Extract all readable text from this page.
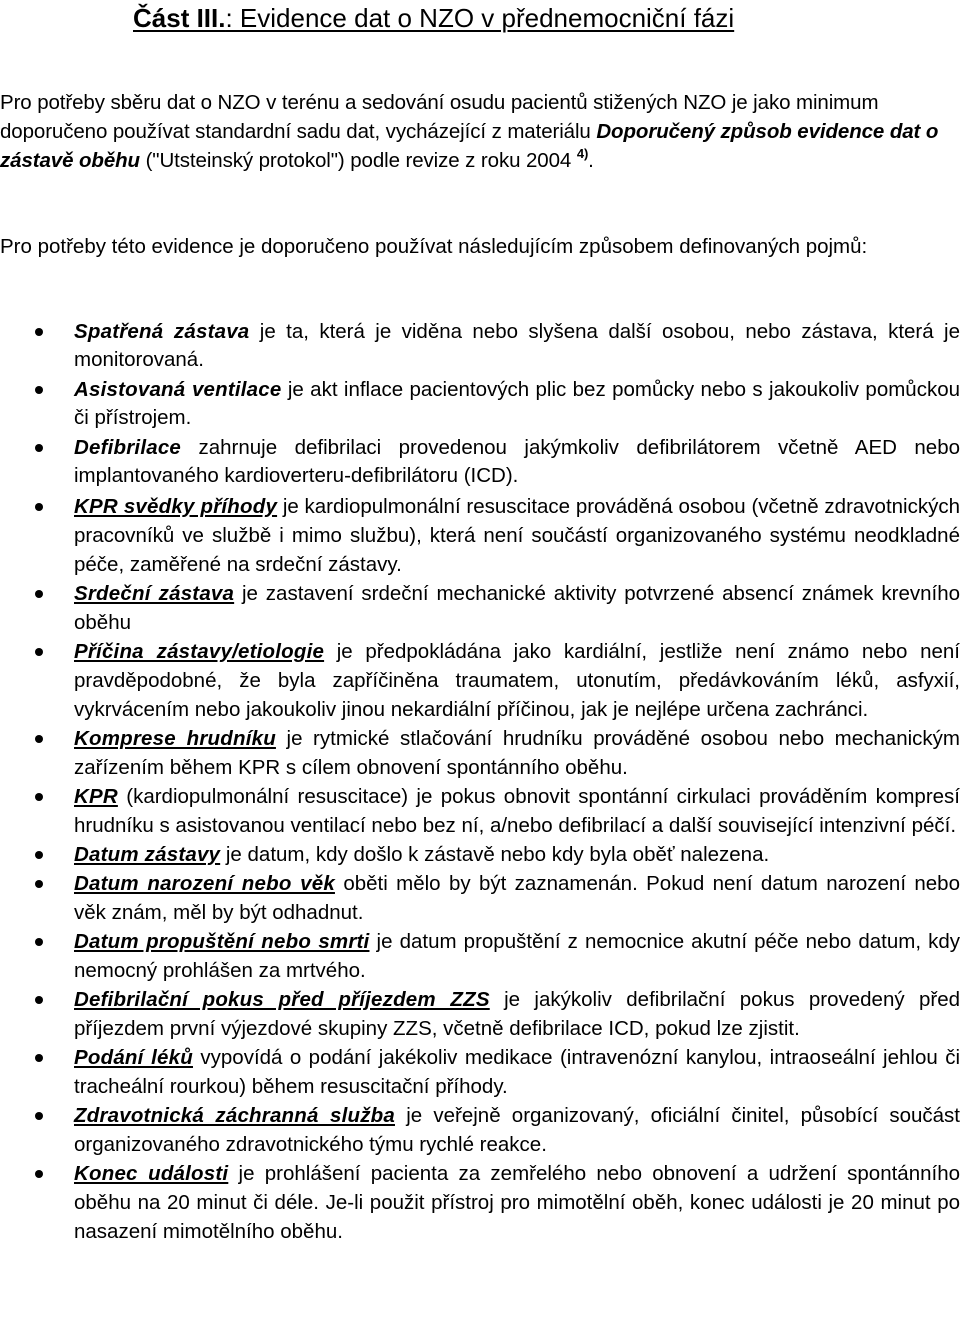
Část III.: Evidence dat o NZO v přednemocniční fázi

Pro potřeby sběru dat o NZO v terénu a sedování osudu pacientů stižených NZO je jako minimum doporučeno používat standardní sadu dat, vycházející z materiálu Doporučený způsob evidence dat o zástavě oběhu ("Utsteinský protokol") podle revize z roku 2004 $^{4)}$.

Pro potřeby této evidence je doporučeno používat následujícím způsobem definovaných pojmů:

Spatřená zástava je ta, která je viděna nebo slyšena další osobou, nebo zástava, která je monitorovaná.
Asistovaná ventilace je akt inflace pacientových plic bez pomůcky nebo s jakoukoliv pomůckou či přístrojem.
Defibrilace zahrnuje defibrilaci provedenou jakýmkoliv defibrilátorem včetně AED nebo implantovaného kardioverteru-defibrilátoru (ICD).
KPR svědky příhody je kardiopulmonální resuscitace prováděná osobou (včetně zdravotnických pracovníků ve službě i mimo službu), která není součástí organizovaného systému neodkladné péče, zaměřené na srdeční zástavy.
Srdeční zástava je zastavení srdeční mechanické aktivity potvrzené absencí známek krevního oběhu
Příčina zástavy/etiologie je předpokládána jako kardiální, jestliže není známo nebo není pravděpodobné, že byla zapříčiněna traumatem, utonutím, předávkováním léků, asfyxií, vykrvácením nebo jakoukoliv jinou nekardiální příčinou, jak je nejlépe určena zachránci.
Komprese hrudníku je rytmické stlačování hrudníku prováděné osobou nebo mechanickým zařízením během KPR s cílem obnovení spontánního oběhu.
KPR (kardiopulmonální resuscitace) je pokus obnovit spontánní cirkulaci prováděním kompresí hrudníku s asistovanou ventilací nebo bez ní, a/nebo defibrilací a další související intenzivní péčí.
Datum zástavy je datum, kdy došlo k zástavě nebo kdy byla oběť nalezena.
Datum narození nebo věk oběti mělo by být zaznamenán. Pokud není datum narození nebo věk znám, měl by být odhadnut.
Datum propuštění nebo smrti je datum propuštění z nemocnice akutní péče nebo datum, kdy nemocný prohlášen za mrtvého.
Defibrilační pokus před příjezdem ZZS je jakýkoliv defibrilační pokus provedený před příjezdem první výjezdové skupiny ZZS, včetně defibrilace ICD, pokud lze zjistit.
Podání léků vypovídá o podání jakékoliv medikace (intravenózní kanylou, intraoseální jehlou či tracheální rourkou) během resuscitační příhody.
Zdravotnická záchranná služba je veřejně organizovaný, oficiální činitel, působící součást organizovaného zdravotnického týmu rychlé reakce.
Konec události je prohlášení pacienta za zemřelého nebo obnovení a udržení spontánního oběhu na 20 minut či déle. Je-li použit přístroj pro mimotělní oběh, konec události je 20 minut po nasazení mimotělního oběhu.
